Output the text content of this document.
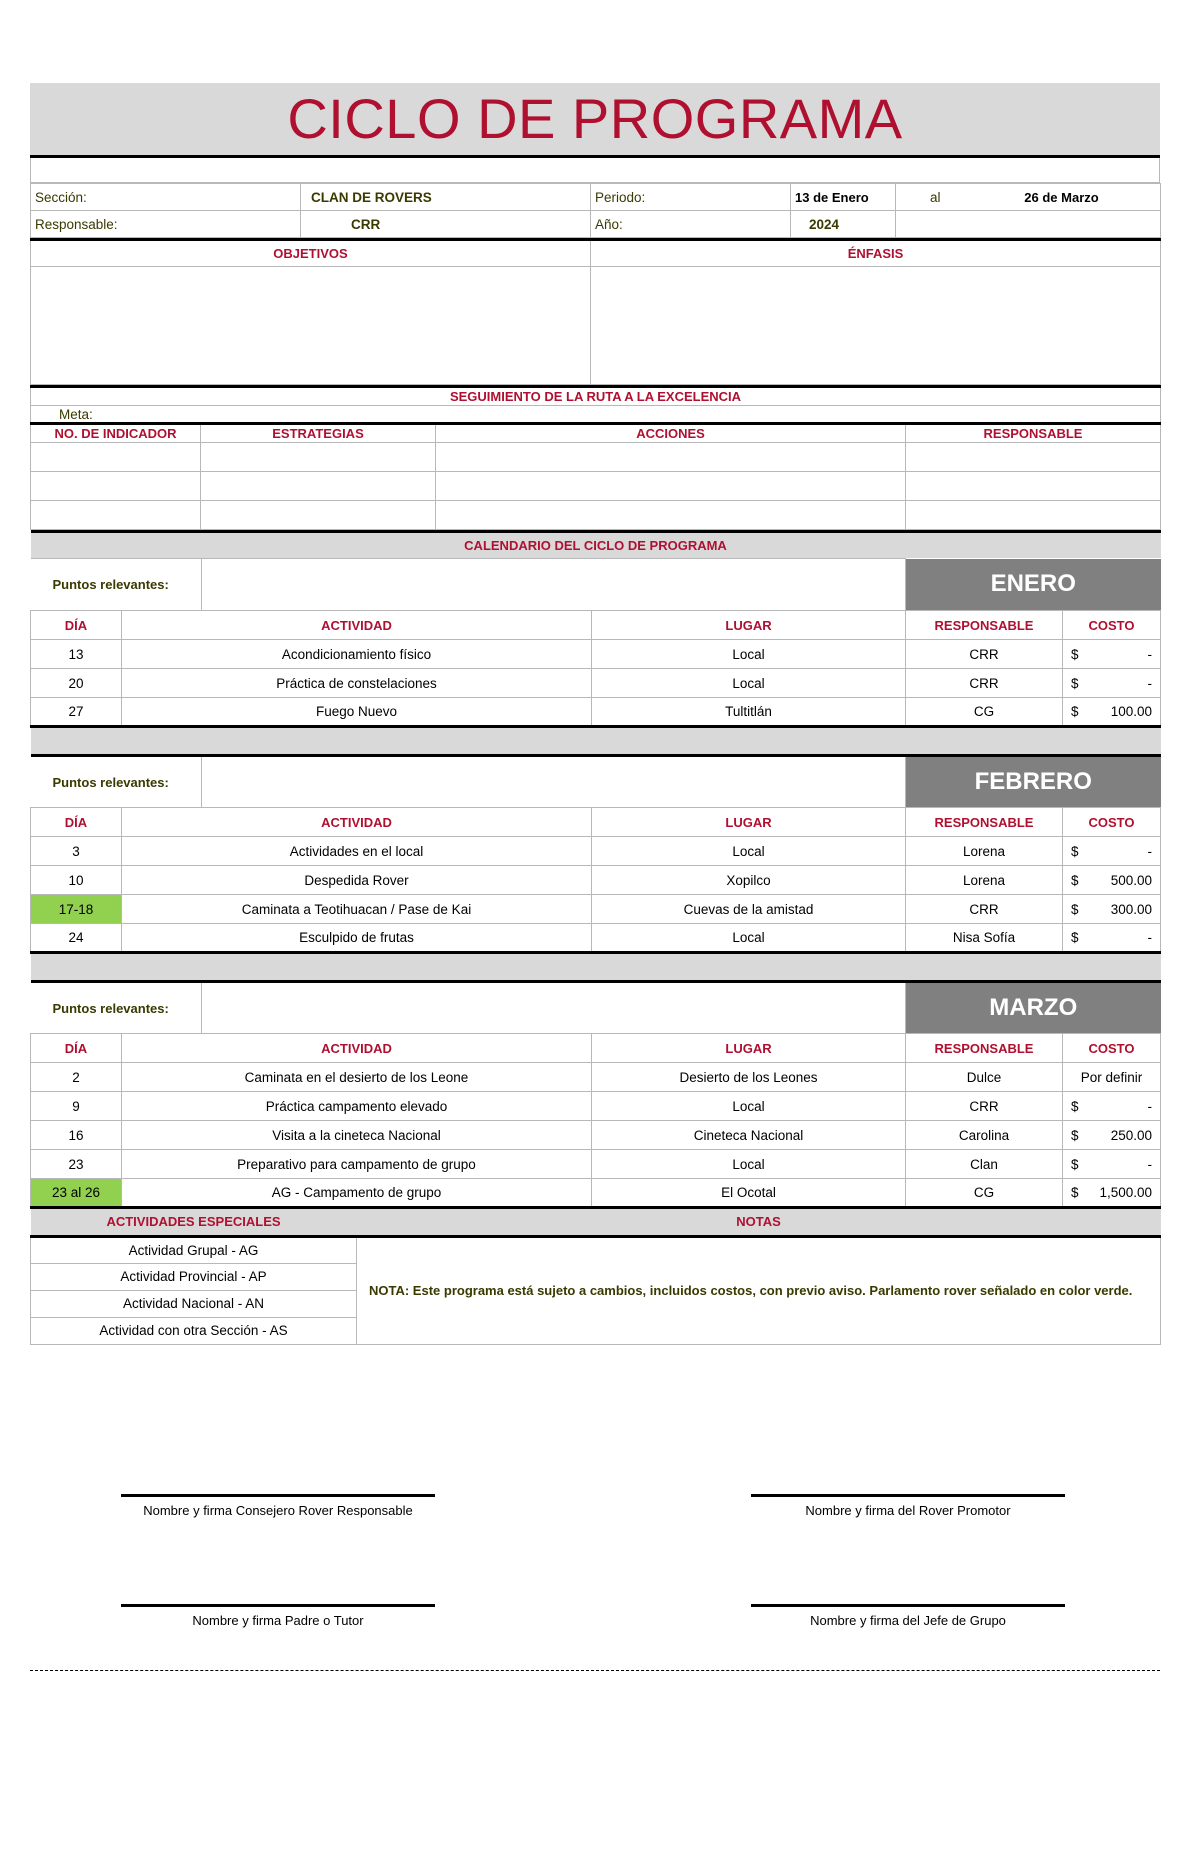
CICLO DE PROGRAMA
Sección:	CLAN DE ROVERS	Periodo:	13 de Enero	al 26 de Marzo
Responsable:	CRR	Año:	2024	
OBJETIVOS	ÉNFASIS

SEGUIMIENTO DE LA RUTA A LA EXCELENCIA			
Meta:			
NO. DE INDICADOR	ESTRATEGIAS	ACCIONES	RESPONSABLE

CALENDARIO DEL CICLO DE PROGRAMA					
Puntos relevantes:				ENERO	
DÍA	ACTIVIDAD		LUGAR	RESPONSABLE	COSTO
13	Acondicionamiento físico		Local	CRR	$ -

20	Práctica de constelaciones		Local	CRR	$ -

27	Fuego Nuevo		Tultitlán	CG	$ 100.00

Puntos relevantes:				FEBRERO	
DÍA	ACTIVIDAD		LUGAR	RESPONSABLE	COSTO
3	Actividades en el local		Local	Lorena	$ -

10	Despedida Rover		Xopilco	Lorena	$ 500.00

17-18	Caminata a Teotihuacan / Pase de Kai		Cuevas de la amistad	CRR	$ 300.00

24	Esculpido de frutas		Local	Nisa Sofía	$ -

Puntos relevantes:				MARZO	
DÍA	ACTIVIDAD		LUGAR	RESPONSABLE	COSTO
2	Caminata en el desierto de los Leone		Desierto de los Leones	Dulce	Por definir
9	Práctica campamento elevado		Local	CRR	$ -

16	Visita a la cineteca Nacional		Cineteca Nacional	Carolina	$ 250.00

23	Preparativo para campamento de grupo		Local	Clan	$ -

23 al 26	AG - Campamento de grupo		El Ocotal	CG	$ 1,500.00
ACTIVIDADES ESPECIALES	NOTAS
Actividad Grupal - AG	NOTA: Este programa está sujeto a cambios, incluidos costos, con previo aviso. Parlamento rover señalado en color verde.
Actividad Provincial - AP	
Actividad Nacional - AN	
Actividad con otra Sección - AS	
Nombre y firma Consejero Rover Responsable	Nombre y firma del Rover Promotor
Nombre y firma Padre o Tutor	Nombre y firma del Jefe de Grupo
